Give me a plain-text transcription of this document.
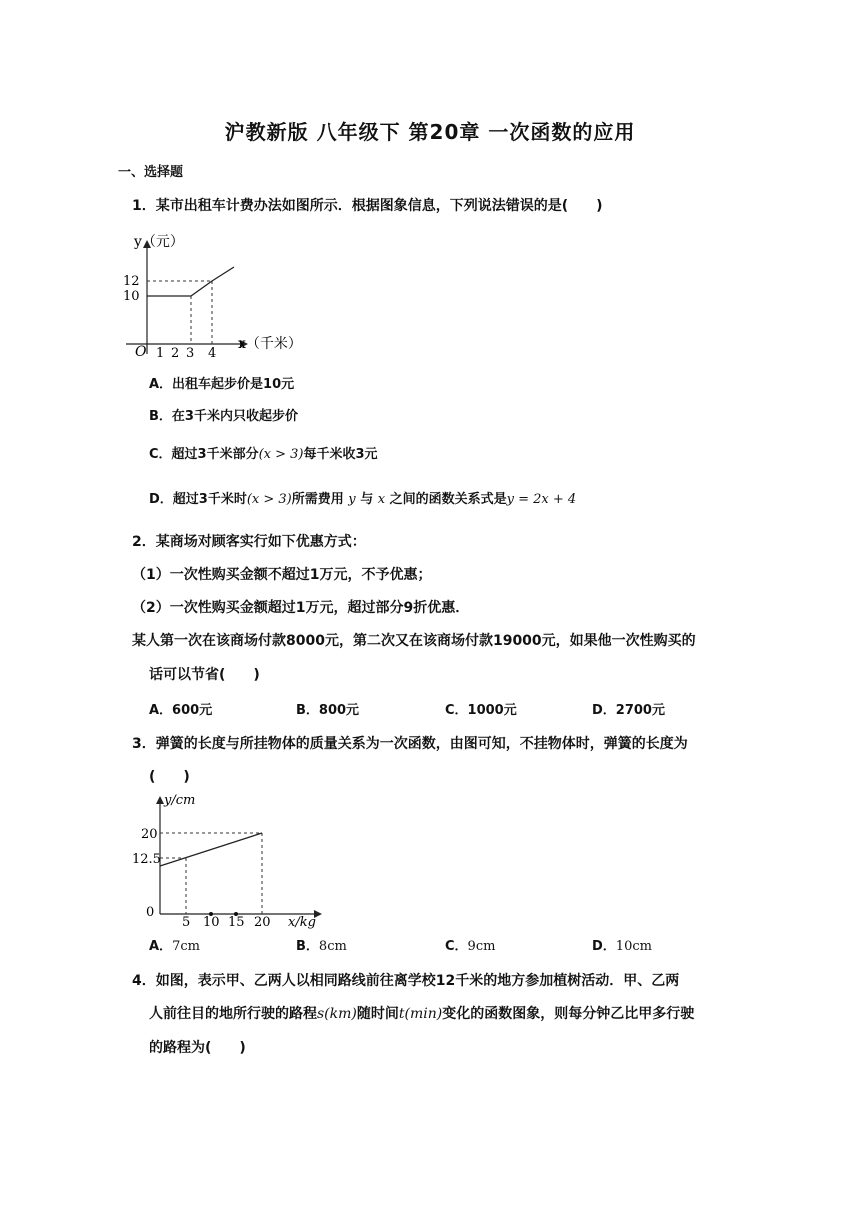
沪教新版 八年级下 第20章 一次函数的应用
一、选择题
1．某市出租车计费办法如图所示．根据图象信息，下列说法错误的是(　　)
y（元）
x（千米）
O
12
10
1 2 3 4
A．出租车起步价是10元
B．在3千米内只收起步价
C．超过3千米部分(x > 3)每千米收3元
D．超过3千米时(x > 3)所需费用 y 与 x 之间的函数关系式是y = 2x + 4
2．某商场对顾客实行如下优惠方式：
（1）一次性购买金额不超过1万元，不予优惠；
（2）一次性购买金额超过1万元，超过部分9折优惠．
某人第一次在该商场付款8000元，第二次又在该商场付款19000元，如果他一次性购买的
话可以节省(　　)
A．600元	B．800元	C．1000元	D．2700元
3．弹簧的长度与所挂物体的质量关系为一次函数，由图可知，不挂物体时，弹簧的长度为
(　　)
y/cm
x/kg
0
20
12.5
5 10 15 20
A．7cm	B．8cm	C．9cm	D．10cm
4．如图，表示甲、乙两人以相同路线前往离学校12千米的地方参加植树活动．甲、乙两
人前往目的地所行驶的路程s(km)随时间t(min)变化的函数图象，则每分钟乙比甲多行驶
的路程为(　　)
